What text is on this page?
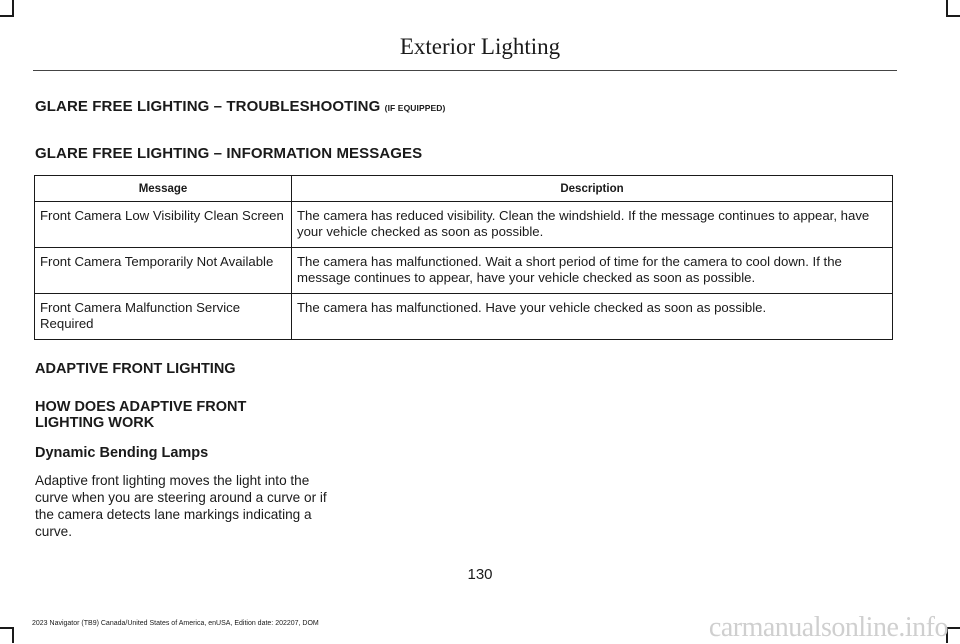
Exterior Lighting
GLARE FREE LIGHTING – TROUBLESHOOTING (IF EQUIPPED)
GLARE FREE LIGHTING – INFORMATION MESSAGES
Message	Description
Front Camera Low Visibility Clean Screen	The camera has reduced visibility. Clean the windshield. If the message continues to appear, have your vehicle checked as soon as possible.
Front Camera Temporarily Not Available	The camera has malfunctioned. Wait a short period of time for the camera to cool down. If the message continues to appear, have your vehicle checked as soon as possible.
Front Camera Malfunction Service Required	The camera has malfunctioned. Have your vehicle checked as soon as possible.
ADAPTIVE FRONT LIGHTING
HOW DOES ADAPTIVE FRONT LIGHTING WORK
Dynamic Bending Lamps
Adaptive front lighting moves the light into the curve when you are steering around a curve or if the camera detects lane markings indicating a curve.
130
2023 Navigator (TB9) Canada/United States of America, enUSA, Edition date: 202207, DOM	carmanualsonline.info
